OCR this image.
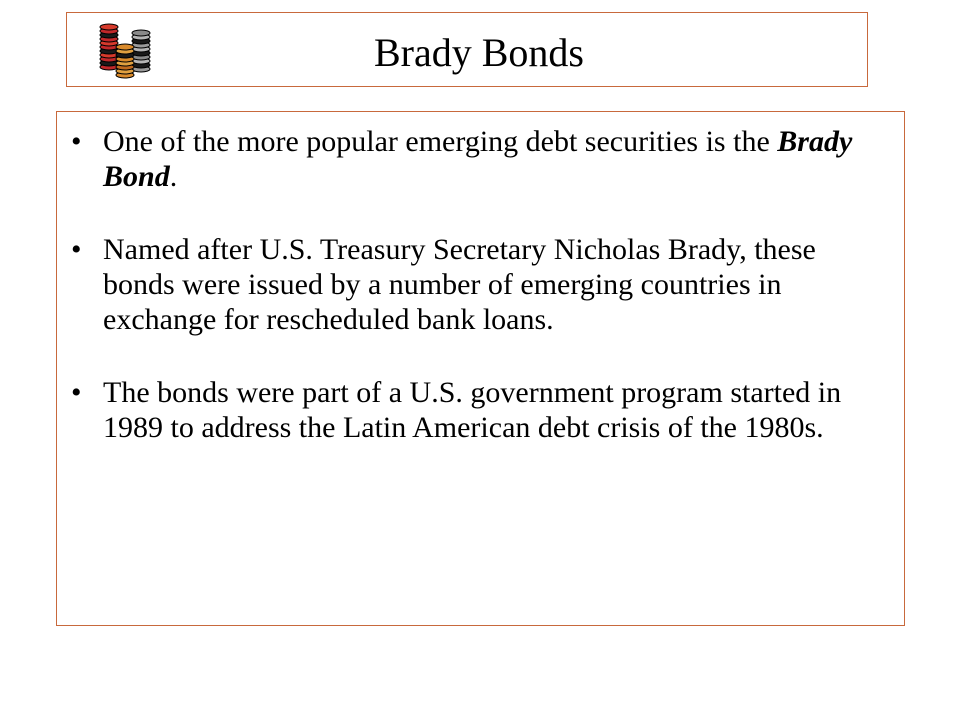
Brady Bonds
• One of the more popular emerging debt securities is the Brady Bond.
• Named after U.S. Treasury Secretary Nicholas Brady, these bonds were issued by a number of emerging countries in exchange for rescheduled bank loans.
• The bonds were part of a U.S. government program started in 1989 to address the Latin American debt crisis of the 1980s.
